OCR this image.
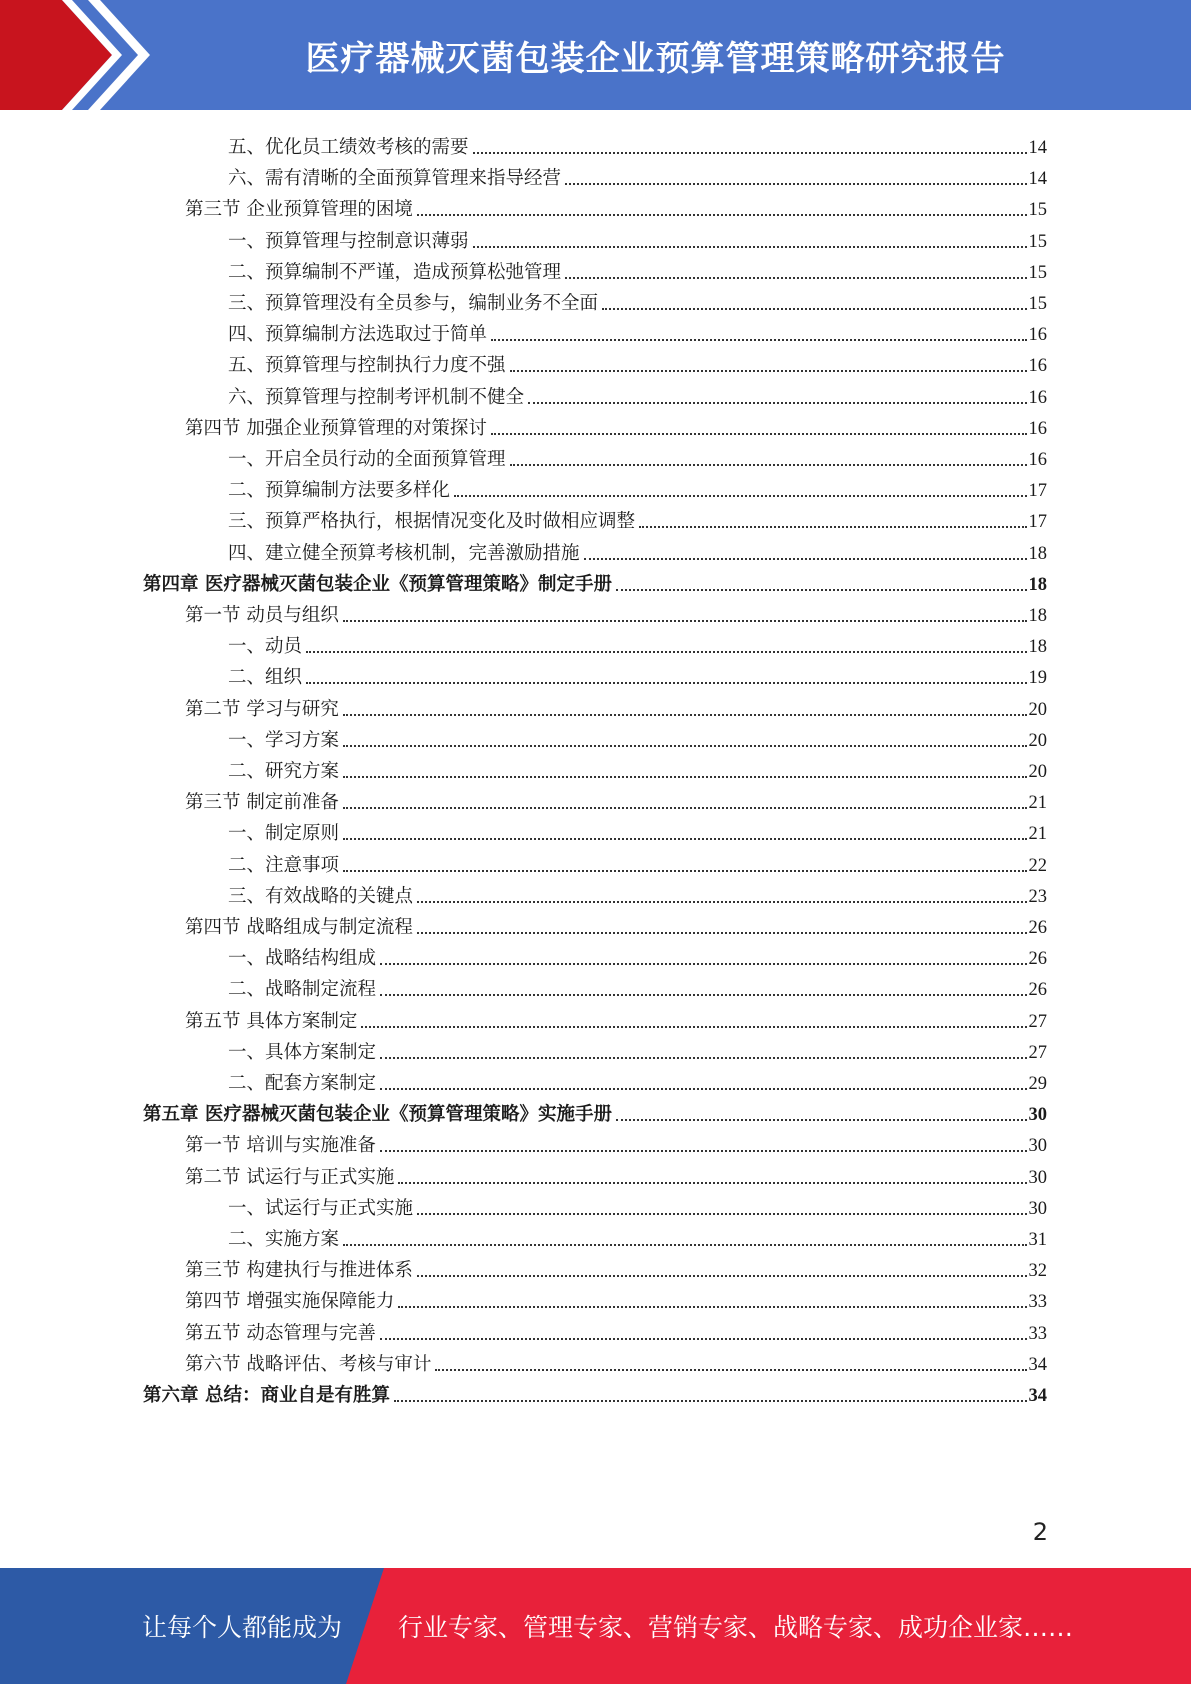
医疗器械灭菌包装企业预算管理策略研究报告
五、优化员工绩效考核的需要	14
六、需有清晰的全面预算管理来指导经营	14
第三节 企业预算管理的困境	15
一、预算管理与控制意识薄弱	15
二、预算编制不严谨，造成预算松弛管理	15
三、预算管理没有全员参与，编制业务不全面	15
四、预算编制方法选取过于简单	16
五、预算管理与控制执行力度不强	16
六、预算管理与控制考评机制不健全	16
第四节 加强企业预算管理的对策探讨	16
一、开启全员行动的全面预算管理	16
二、预算编制方法要多样化	17
三、预算严格执行，根据情况变化及时做相应调整	17
四、建立健全预算考核机制，完善激励措施	18
第四章 医疗器械灭菌包装企业《预算管理策略》制定手册	18
第一节 动员与组织	18
一、动员	18
二、组织	19
第二节 学习与研究	20
一、学习方案	20
二、研究方案	20
第三节 制定前准备	21
一、制定原则	21
二、注意事项	22
三、有效战略的关键点	23
第四节 战略组成与制定流程	26
一、战略结构组成	26
二、战略制定流程	26
第五节 具体方案制定	27
一、具体方案制定	27
二、配套方案制定	29
第五章 医疗器械灭菌包装企业《预算管理策略》实施手册	30
第一节 培训与实施准备	30
第二节 试运行与正式实施	30
一、试运行与正式实施	30
二、实施方案	31
第三节 构建执行与推进体系	32
第四节 增强实施保障能力	33
第五节 动态管理与完善	33
第六节 战略评估、考核与审计	34
第六章 总结：商业自是有胜算	34
2
让每个人都能成为 行业专家、管理专家、营销专家、战略专家、成功企业家……
